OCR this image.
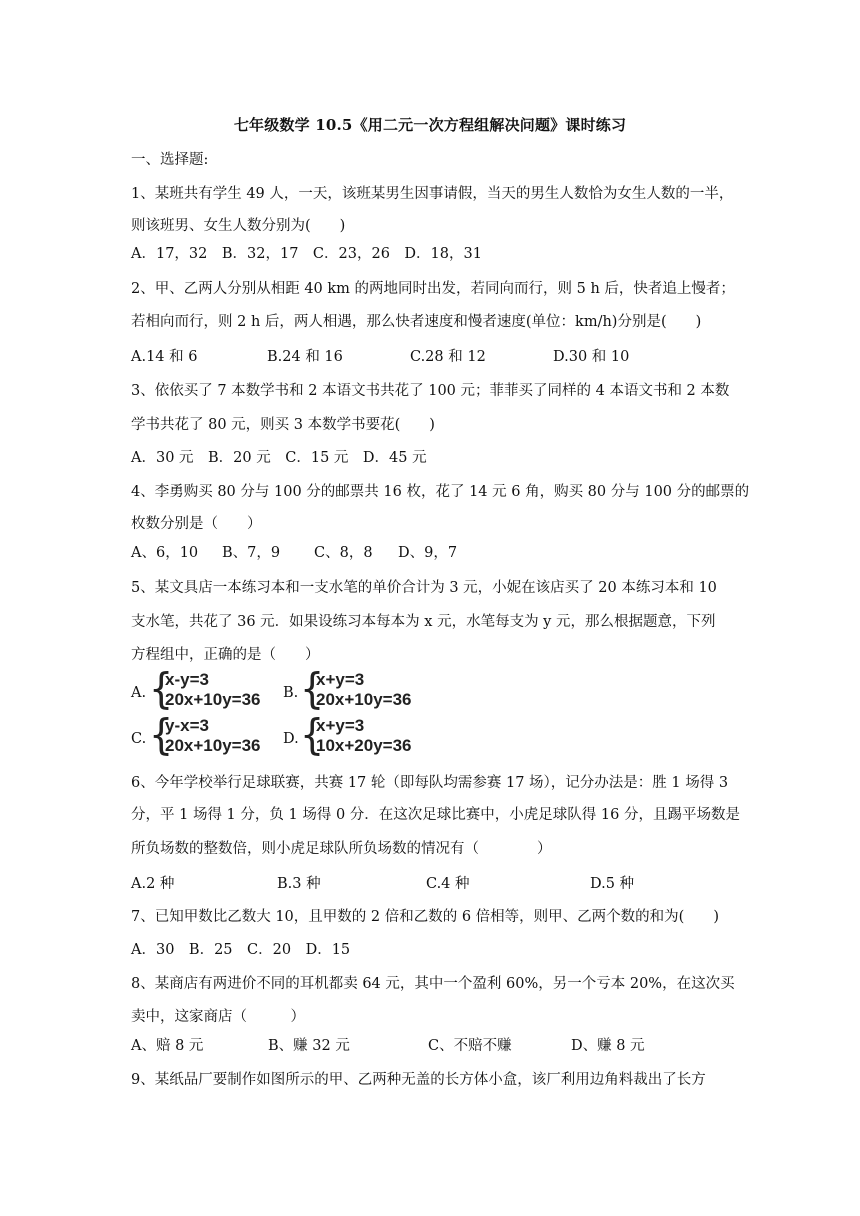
七年级数学 10.5《用二元一次方程组解决问题》课时练习
一、选择题:
1、某班共有学生 49 人，一天，该班某男生因事请假，当天的男生人数恰为女生人数的一半，
则该班男、女生人数分别为(　　)
A．17，32　B．32，17　C．23，26　D．18，31
2、甲、乙两人分别从相距 40 km 的两地同时出发，若同向而行，则 5 h 后，快者追上慢者；
若相向而行，则 2 h 后，两人相遇，那么快者速度和慢者速度(单位：km/h)分别是(　　)
A.14 和 6	B.24 和 16	C.28 和 12	D.30 和 10
3、依依买了 7 本数学书和 2 本语文书共花了 100 元；菲菲买了同样的 4 本语文书和 2 本数
学书共花了 80 元，则买 3 本数学书要花(　　)
A．30 元　B．20 元　C．15 元　D．45 元
4、李勇购买 80 分与 100 分的邮票共 16 枚，花了 14 元 6 角，购买 80 分与 100 分的邮票的
枚数分别是（　　）
A、6，10 B、7，9 C、8，8 D、9，7
5、某文具店一本练习本和一支水笔的单价合计为 3 元，小妮在该店买了 20 本练习本和 10
支水笔，共花了 36 元．如果设练习本每本为 x 元，水笔每支为 y 元，那么根据题意，下列
方程组中，正确的是（　　）
A. {
x-y=3
20x+10y=36 B. {
x+y=3
20x+10y=36
C. {
y-x=3
20x+10y=36 D. {
x+y=3
10x+20y=36
6、今年学校举行足球联赛，共赛 17 轮（即每队均需参赛 17 场），记分办法是：胜 1 场得 3
分，平 1 场得 1 分，负 1 场得 0 分．在这次足球比赛中，小虎足球队得 16 分，且踢平场数是
所负场数的整数倍，则小虎足球队所负场数的情况有（　　　　）
A.2 种	B.3 种	C.4 种	D.5 种
7、已知甲数比乙数大 10，且甲数的 2 倍和乙数的 6 倍相等，则甲、乙两个数的和为(　　)
A．30　B．25　C．20　D．15
8、某商店有两进价不同的耳机都卖 64 元，其中一个盈利 60%，另一个亏本 20%，在这次买
卖中，这家商店（　　　）
A、赔 8 元	B、赚 32 元	C、不赔不赚	D、赚 8 元
9、某纸品厂要制作如图所示的甲、乙两种无盖的长方体小盒，该厂利用边角料裁出了长方
